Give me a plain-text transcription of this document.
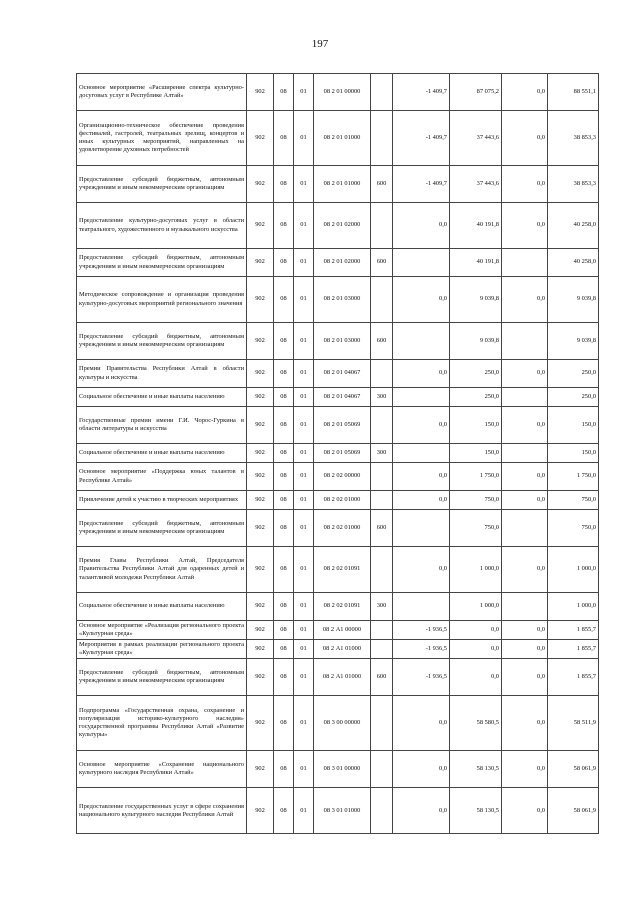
197
Основное мероприятие «Расширение спектра культурно-досуговых услуг в Республике Алтай»	902	08	01	08 2 01 00000		-1 409,7	87 075,2	0,0	88 551,1
Организационно-техническое обеспечение проведения фестивалей, гастролей, театральных зрелищ, концертов и иных культурных мероприятий, направленных на удовлетворение духовных потребностей	902	08	01	08 2 01 01000		-1 409,7	37 443,6	0,0	38 853,3
Предоставление субсидий бюджетным, автономным учреждениям и иным некоммерческим организациям	902	08	01	08 2 01 01000	600	-1 409,7	37 443,6	0,0	38 853,3
Предоставление культурно-досуговых услуг в области театрального, художественного и музыкального искусства	902	08	01	08 2 01 02000		0,0	40 191,8	0,0	40 258,0
Предоставление субсидий бюджетным, автономным учреждениям и иным некоммерческим организациям	902	08	01	08 2 01 02000	600		40 191,8		40 258,0
Методическое сопровождение и организация проведения культурно-досуговых мероприятий регионального значения	902	08	01	08 2 01 03000		0,0	9 039,8	0,0	9 039,8
Предоставление субсидий бюджетным, автономным учреждениям и иным некоммерческим организациям	902	08	01	08 2 01 03000	600		9 039,8		9 039,8
Премии Правительства Республики Алтай в области культуры и искусства	902	08	01	08 2 01 04067		0,0	250,0	0,0	250,0
Социальное обеспечение и иные выплаты населению	902	08	01	08 2 01 04067	300		250,0		250,0
Государственные премии имени Г.И. Чорос-Гуркина в области литературы и искусства	902	08	01	08 2 01 05069		0,0	150,0	0,0	150,0
Социальное обеспечение и иные выплаты населению	902	08	01	08 2 01 05069	300		150,0		150,0
Основное мероприятие «Поддержка юных талантов в Республике Алтай»	902	08	01	08 2 02 00000		0,0	1 750,0	0,0	1 750,0
Привлечение детей к участию в творческих мероприятиях	902	08	01	08 2 02 01000		0,0	750,0	0,0	750,0
Предоставление субсидий бюджетным, автономным учреждениям и иным некоммерческим организациям	902	08	01	08 2 02 01000	600		750,0		750,0
Премия Главы Республики Алтай, Председателя Правительства Республики Алтай для одаренных детей и талантливой молодежи Республики Алтай	902	08	01	08 2 02 01091		0,0	1 000,0	0,0	1 000,0
Социальное обеспечение и иные выплаты населению	902	08	01	08 2 02 01091	300		1 000,0		1 000,0
Основное мероприятие «Реализация регионального проекта «Культурная среда»	902	08	01	08 2 А1 00000		-1 936,5	0,0	0,0	1 855,7
Мероприятия в рамках реализации регионального проекта «Культурная среда»	902	08	01	08 2 А1 01000		-1 936,5	0,0	0,0	1 855,7
Предоставление субсидий бюджетным, автономным учреждениям и иным некоммерческим организациям	902	08	01	08 2 А1 01000	600	-1 936,5	0,0	0,0	1 855,7
Подпрограмма «Государственная охрана, сохранение и популяризация историко-культурного наследия» государственной программы Республики Алтай «Развитие культуры»	902	08	01	08 3 00 00000		0,0	58 580,5	0,0	58 511,9
Основное мероприятие «Сохранение национального культурного наследия Республики Алтай»	902	08	01	08 3 01 00000		0,0	58 130,5	0,0	58 061,9
Предоставление государственных услуг в сфере сохранения национального культурного наследия Республики Алтай	902	08	01	08 3 01 01000		0,0	58 130,5	0,0	58 061,9
